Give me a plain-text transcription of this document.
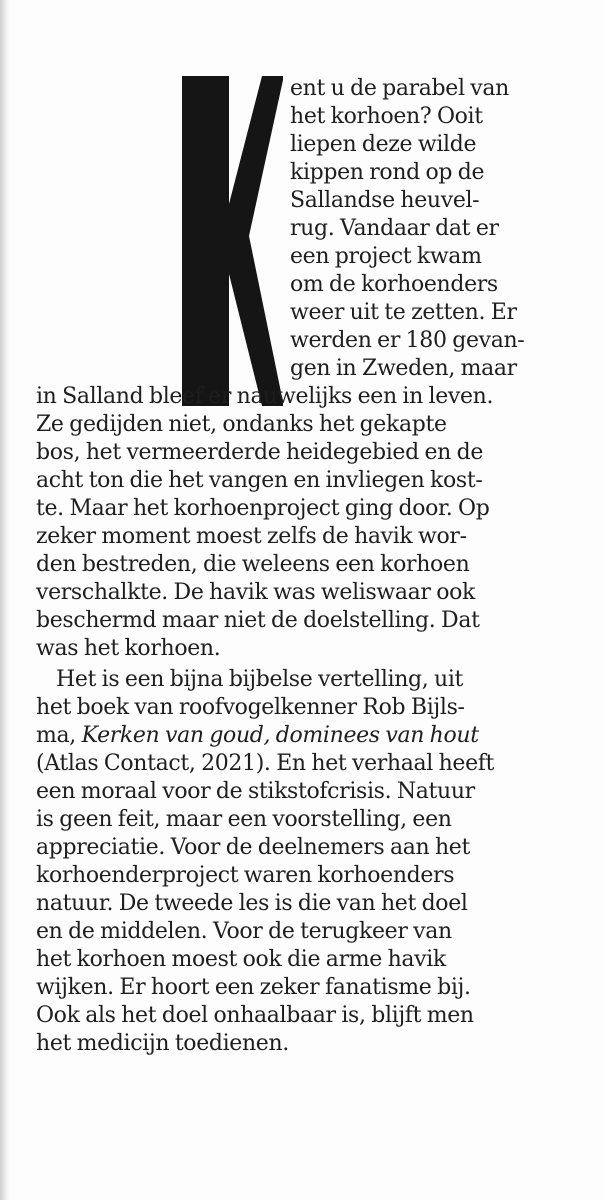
ent u de parabel van
het korhoen? Ooit
liepen deze wilde
kippen rond op de
Sallandse heuvel-
rug. Vandaar dat er
een project kwam
om de korhoenders
weer uit te zetten. Er
werden er 180 gevan-
gen in Zweden, maar
in Salland bleef er nauwelijks een in leven.
Ze gedijden niet, ondanks het gekapte
bos, het vermeerderde heidegebied en de
acht ton die het vangen en invliegen kost-
te. Maar het korhoenproject ging door. Op
zeker moment moest zelfs de havik wor-
den bestreden, die weleens een korhoen
verschalkte. De havik was weliswaar ook
beschermd maar niet de doelstelling. Dat
was het korhoen.
Het is een bijna bijbelse vertelling, uit
het boek van roofvogelkenner Rob Bijls-
ma, Kerken van goud, dominees van hout
(Atlas Contact, 2021). En het verhaal heeft
een moraal voor de stikstofcrisis. Natuur
is geen feit, maar een voorstelling, een
appreciatie. Voor de deelnemers aan het
korhoenderproject waren korhoenders
natuur. De tweede les is die van het doel
en de middelen. Voor de terugkeer van
het korhoen moest ook die arme havik
wijken. Er hoort een zeker fanatisme bij.
Ook als het doel onhaalbaar is, blijft men
het medicijn toedienen.
